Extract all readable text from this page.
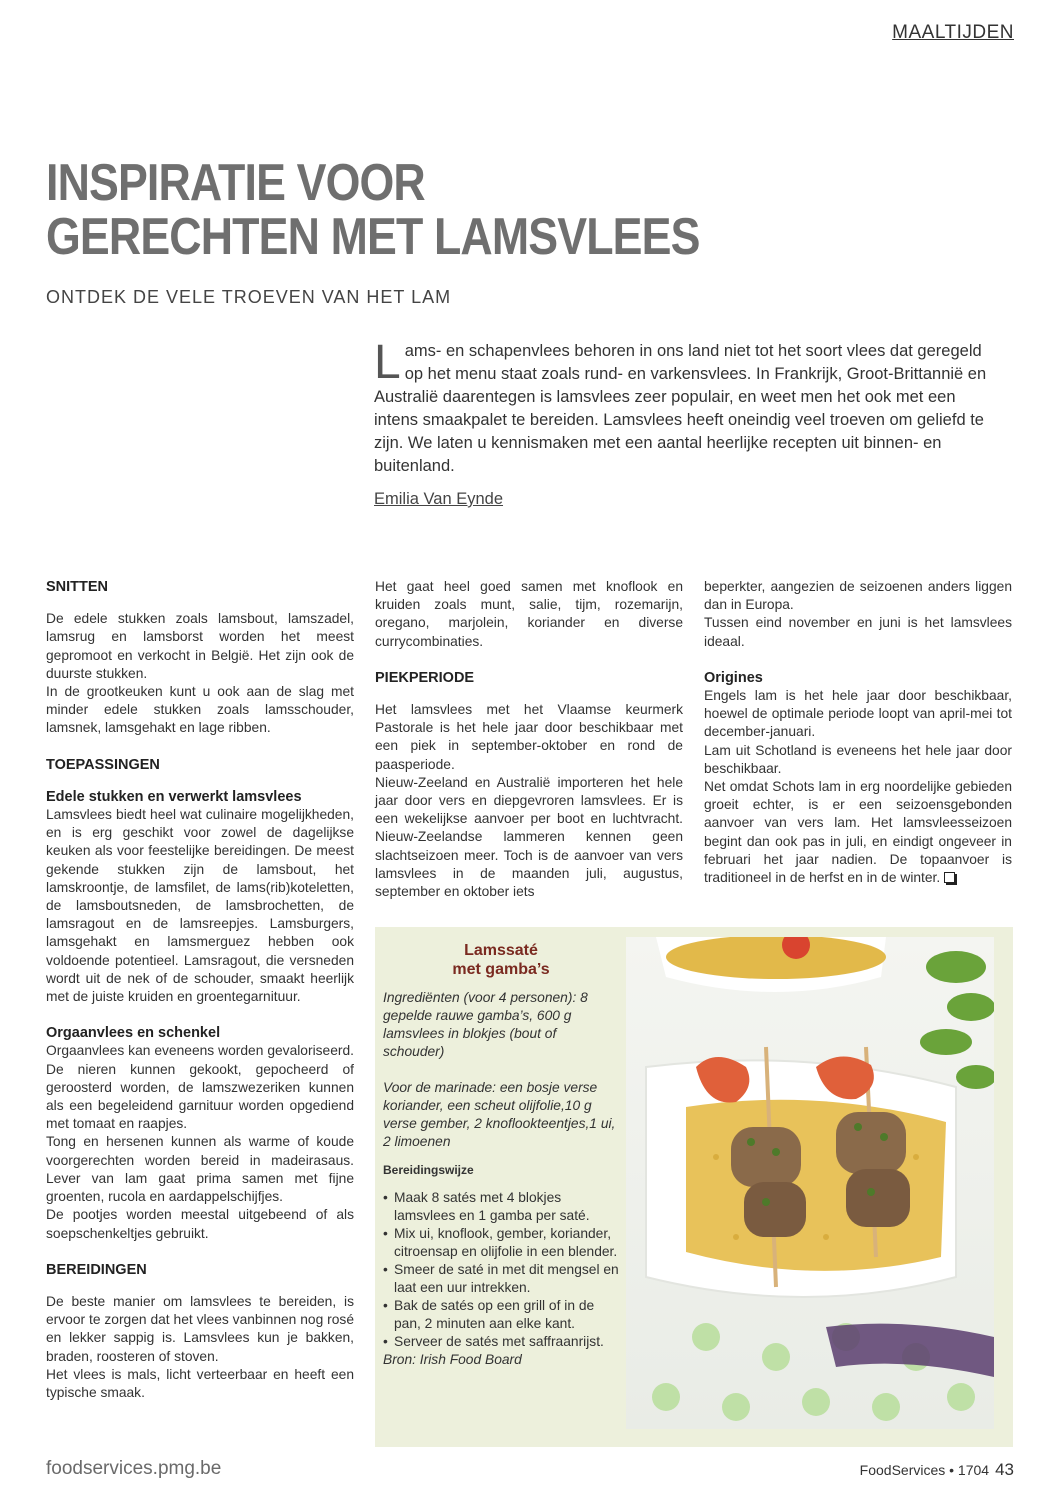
MAALTIJDEN
INSPIRATIE VOOR
GERECHTEN MET LAMSVLEES
ONTDEK DE VELE TROEVEN VAN HET LAM
Lams- en schapenvlees behoren in ons land niet tot het soort vlees dat geregeld op het menu staat zoals rund- en varkensvlees. In Frankrijk, Groot-Brittannië en Australië daarentegen is lamsvlees zeer populair, en weet men het ook met een intens smaakpalet te bereiden. Lamsvlees heeft oneindig veel troeven om geliefd te zijn. We laten u kennismaken met een aantal heerlijke recepten uit binnen- en buitenland.
Emilia Van Eynde
SNITTEN

De edele stukken zoals lamsbout, lamszadel, lamsrug en lamsborst worden het meest gepromoot en verkocht in België. Het zijn ook de duurste stukken.

In de grootkeuken kunt u ook aan de slag met minder edele stukken zoals lamsschouder, lamsnek, lamsgehakt en lage ribben.

TOEPASSINGEN
Edele stukken en verwerkt lamsvlees

Lamsvlees biedt heel wat culinaire mogelijkheden, en is erg geschikt voor zowel de dagelijkse keuken als voor feestelijke bereidingen. De meest gekende stukken zijn de lamsbout, het lamskroontje, de lamsfilet, de lams(rib)koteletten, de lamsboutsneden, de lamsbrochetten, de lamsragout en de lamsreepjes. Lamsburgers, lamsgehakt en lamsmerguez hebben ook voldoende potentieel. Lamsragout, die versneden wordt uit de nek of de schouder, smaakt heerlijk met de juiste kruiden en groentegarnituur.

Orgaanvlees en schenkel

Orgaanvlees kan eveneens worden gevaloriseerd. De nieren kunnen gekookt, gepocheerd of geroosterd worden, de lamszwezeriken kunnen als een begeleidend garnituur worden opgediend met tomaat en raapjes.

Tong en hersenen kunnen als warme of koude voorgerechten worden bereid in madeirasaus. Lever van lam gaat prima samen met fijne groenten, rucola en aardappelschijfjes.

De pootjes worden meestal uitgebeend of als soepschenkeltjes gebruikt.

BEREIDINGEN

De beste manier om lamsvlees te bereiden, is ervoor te zorgen dat het vlees vanbinnen nog rosé en lekker sappig is. Lamsvlees kun je bakken, braden, roosteren of stoven.

Het vlees is mals, licht verteerbaar en heeft een typische smaak.

Het gaat heel goed samen met knoflook en kruiden zoals munt, salie, tijm, rozemarijn, oregano, marjolein, koriander en diverse currycombinaties.

PIEKPERIODE

Het lamsvlees met het Vlaamse keurmerk Pastorale is het hele jaar door beschikbaar met een piek in september-oktober en rond de paasperiode.

Nieuw-Zeeland en Australië importeren het hele jaar door vers en diepgevroren lamsvlees. Er is een wekelijkse aanvoer per boot en luchtvracht. Nieuw-Zeelandse lammeren kennen geen slachtseizoen meer. Toch is de aanvoer van vers lamsvlees in de maanden juli, augustus, september en oktober iets

beperkter, aangezien de seizoenen anders liggen dan in Europa.

Tussen eind november en juni is het lamsvlees ideaal.

Origines

Engels lam is het hele jaar door beschikbaar, hoewel de optimale periode loopt van april-mei tot december-januari.

Lam uit Schotland is eveneens het hele jaar door beschikbaar.

Net omdat Schots lam in erg noordelijke gebieden groeit echter, is er een seizoensgebonden aanvoer van vers lam. Het lamsvleesseizoen begint dan ook pas in juli, en eindigt ongeveer in februari het jaar nadien. De topaanvoer is traditioneel in de herfst en in de winter.

Lamssaté
met gamba’s

Ingrediënten (voor 4 personen): 8 gepelde rauwe gamba’s, 600 g lamsvlees in blokjes (bout of schouder)

Voor de marinade: een bosje verse koriander, een scheut olijfolie,10 g verse gember, 2 knoflookteentjes,1 ui, 2 limoenen

Bereidingswijze
• Maak 8 satés met 4 blokjes lamsvlees en 1 gamba per saté.
• Mix ui, knoflook, gember, koriander, citroensap en olijfolie in een blender.
• Smeer de saté in met dit mengsel en laat een uur intrekken.
• Bak de satés op een grill of in de pan, 2 minuten aan elke kant.
• Serveer de satés met saffraanrijst.

Bron: Irish Food Board

foodservices.pmg.be	FoodServices • 1704 43
